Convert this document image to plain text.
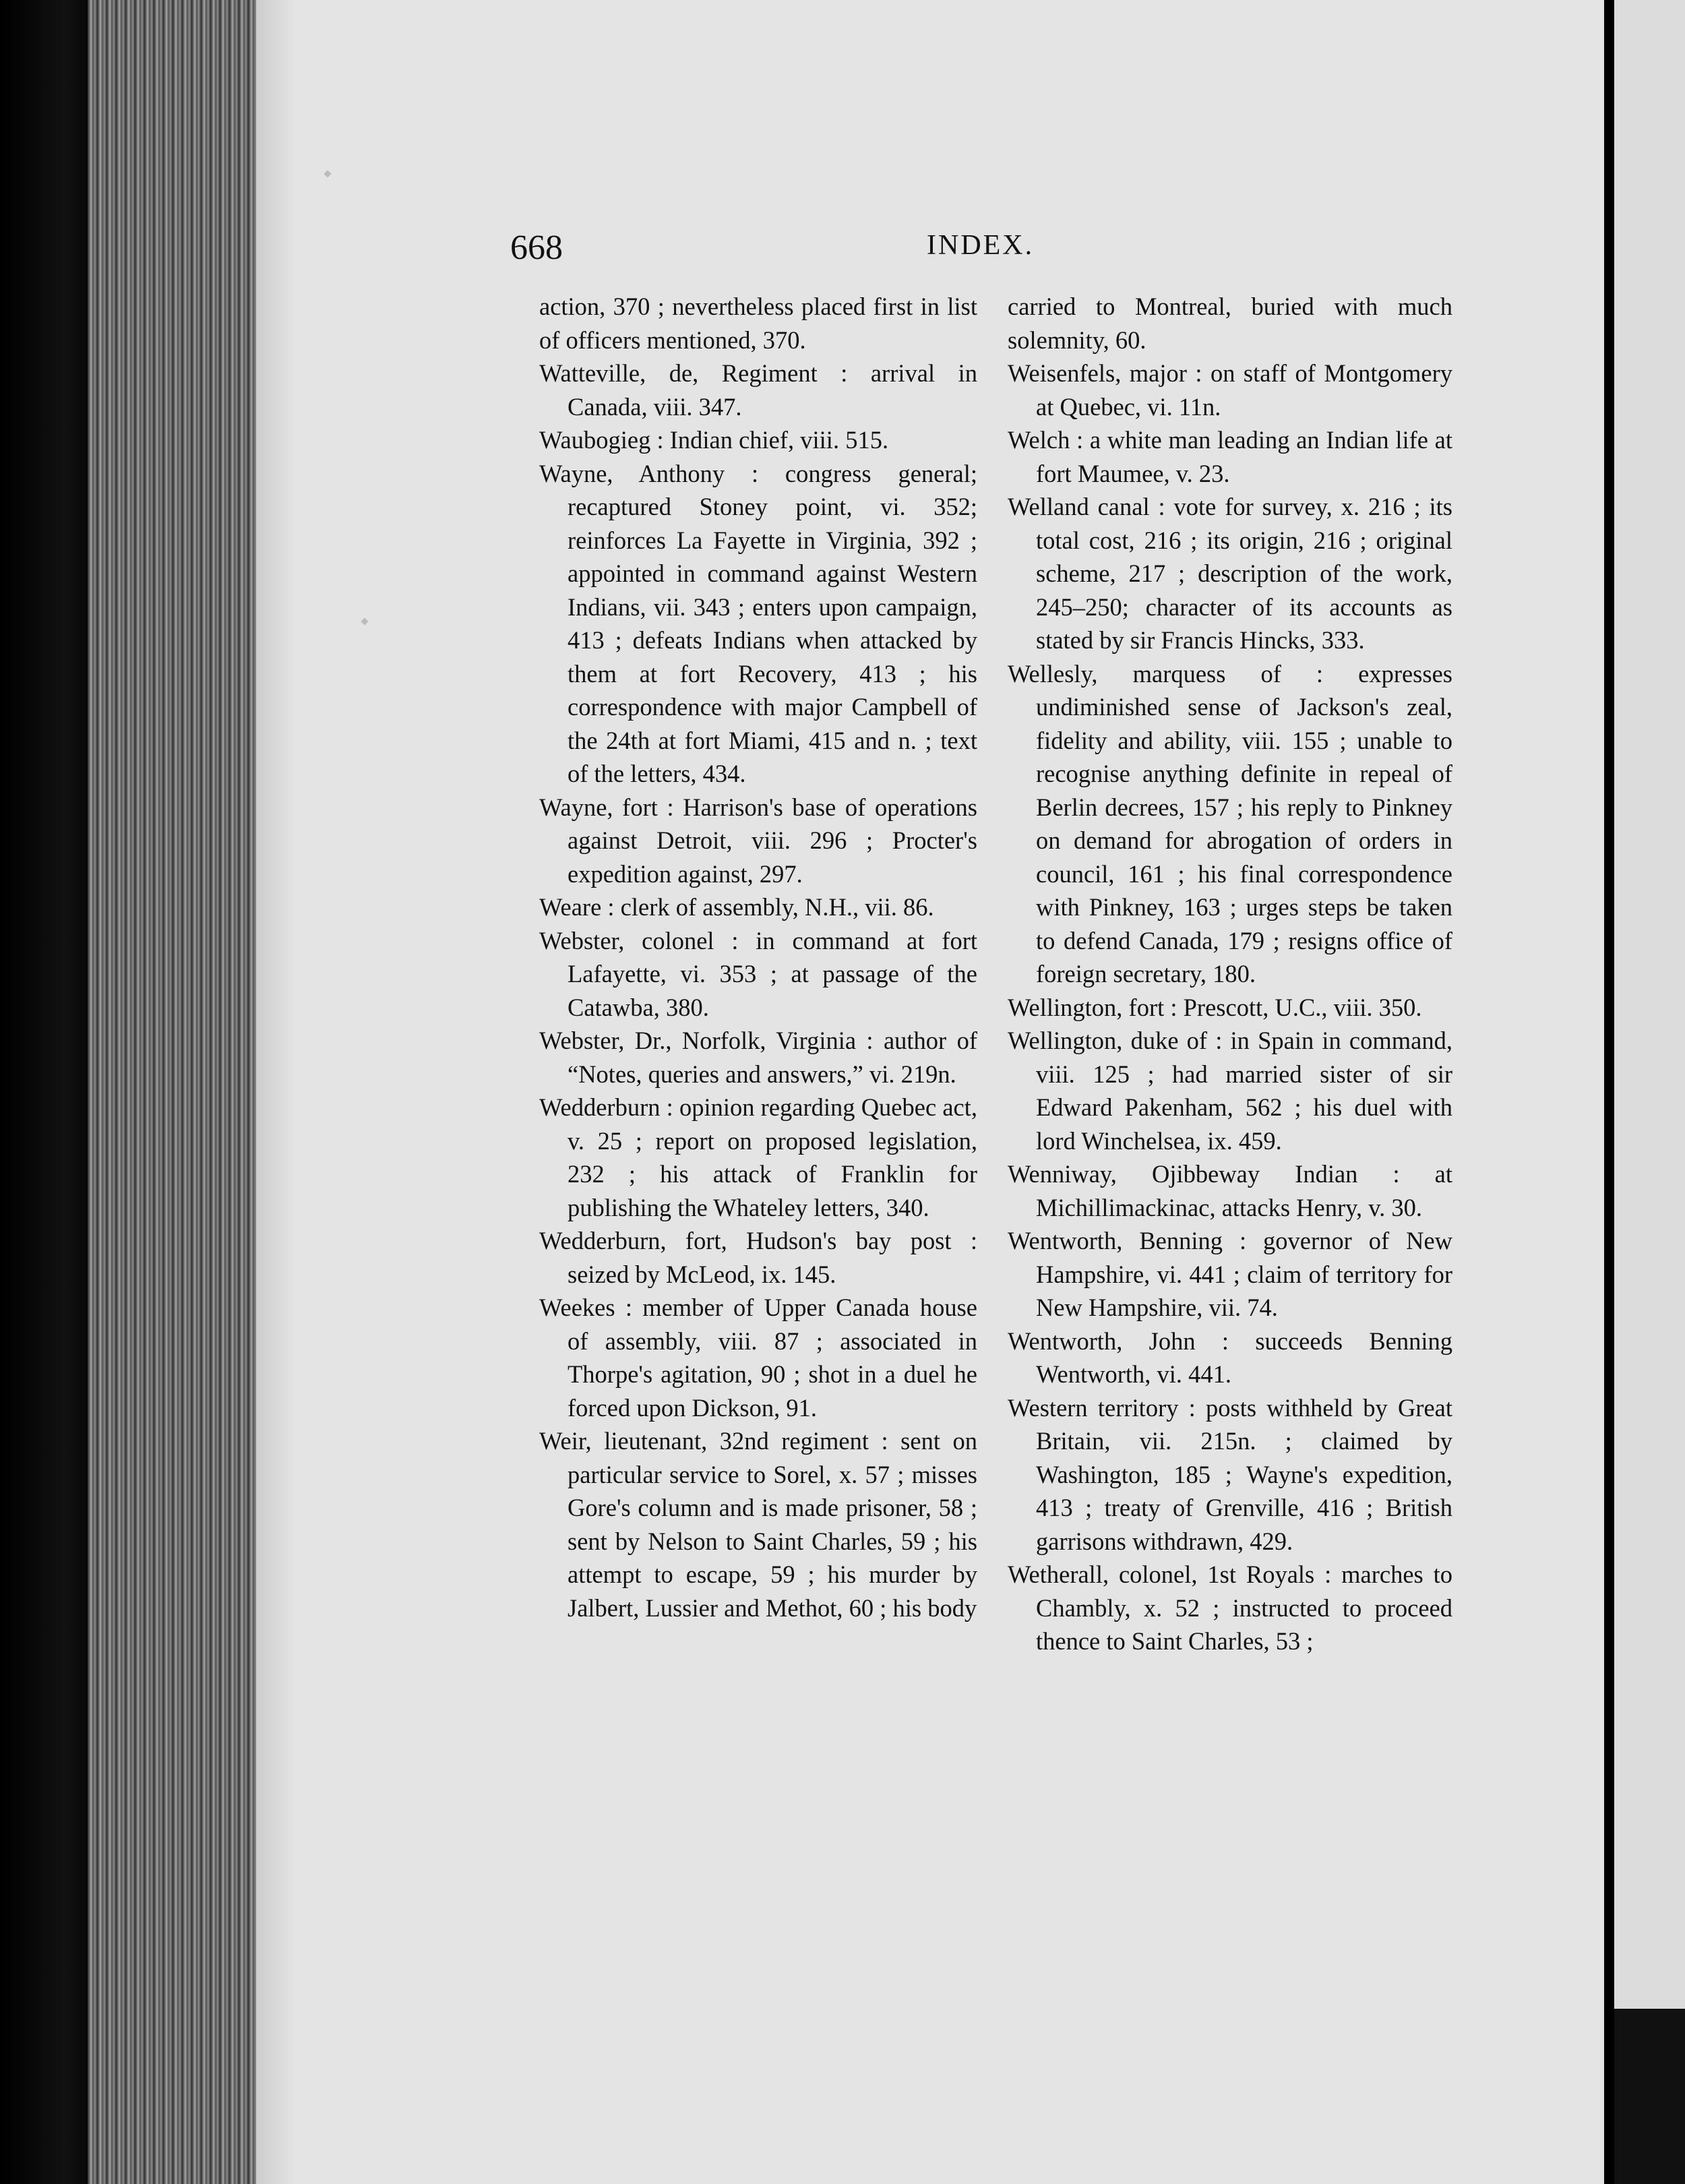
668	INDEX.

action, 370 ; nevertheless placed first in list of officers mentioned, 370.

Watteville, de, Regiment : arrival in Canada, viii. 347.

Waubogieg : Indian chief, viii. 515.

Wayne, Anthony : congress general; recaptured Stoney point, vi. 352; reinforces La Fayette in Virginia, 392 ; appointed in command against Western Indians, vii. 343 ; enters upon campaign, 413 ; defeats Indians when attacked by them at fort Recovery, 413 ; his correspondence with major Campbell of the 24th at fort Miami, 415 and n. ; text of the letters, 434.

Wayne, fort : Harrison's base of operations against Detroit, viii. 296 ; Procter's expedition against, 297.

Weare : clerk of assembly, N.H., vii. 86.

Webster, colonel : in command at fort Lafayette, vi. 353 ; at passage of the Catawba, 380.

Webster, Dr., Norfolk, Virginia : author of “Notes, queries and answers,” vi. 219n.

Wedderburn : opinion regarding Quebec act, v. 25 ; report on proposed legislation, 232 ; his attack of Franklin for publishing the Whateley letters, 340.

Wedderburn, fort, Hudson's bay post : seized by McLeod, ix. 145.

Weekes : member of Upper Canada house of assembly, viii. 87 ; associated in Thorpe's agitation, 90 ; shot in a duel he forced upon Dickson, 91.

Weir, lieutenant, 32nd regiment : sent on particular service to Sorel, x. 57 ; misses Gore's column and is made prisoner, 58 ; sent by Nelson to Saint Charles, 59 ; his attempt to escape, 59 ; his murder by Jalbert, Lussier and Methot, 60 ; his body

carried to Montreal, buried with much solemnity, 60.

Weisenfels, major : on staff of Montgomery at Quebec, vi. 11n.

Welch : a white man leading an Indian life at fort Maumee, v. 23.

Welland canal : vote for survey, x. 216 ; its total cost, 216 ; its origin, 216 ; original scheme, 217 ; description of the work, 245–250; character of its accounts as stated by sir Francis Hincks, 333.

Wellesly, marquess of : expresses undiminished sense of Jackson's zeal, fidelity and ability, viii. 155 ; unable to recognise anything definite in repeal of Berlin decrees, 157 ; his reply to Pinkney on demand for abrogation of orders in council, 161 ; his final correspondence with Pinkney, 163 ; urges steps be taken to defend Canada, 179 ; resigns office of foreign secretary, 180.

Wellington, fort : Prescott, U.C., viii. 350.

Wellington, duke of : in Spain in command, viii. 125 ; had married sister of sir Edward Pakenham, 562 ; his duel with lord Winchelsea, ix. 459.

Wenniway, Ojibbeway Indian : at Michillimackinac, attacks Henry, v. 30.

Wentworth, Benning : governor of New Hampshire, vi. 441 ; claim of territory for New Hampshire, vii. 74.

Wentworth, John : succeeds Benning Wentworth, vi. 441.

Western territory : posts withheld by Great Britain, vii. 215n. ; claimed by Washington, 185 ; Wayne's expedition, 413 ; treaty of Grenville, 416 ; British garrisons withdrawn, 429.

Wetherall, colonel, 1st Royals : marches to Chambly, x. 52 ; instructed to proceed thence to Saint Charles, 53 ;
